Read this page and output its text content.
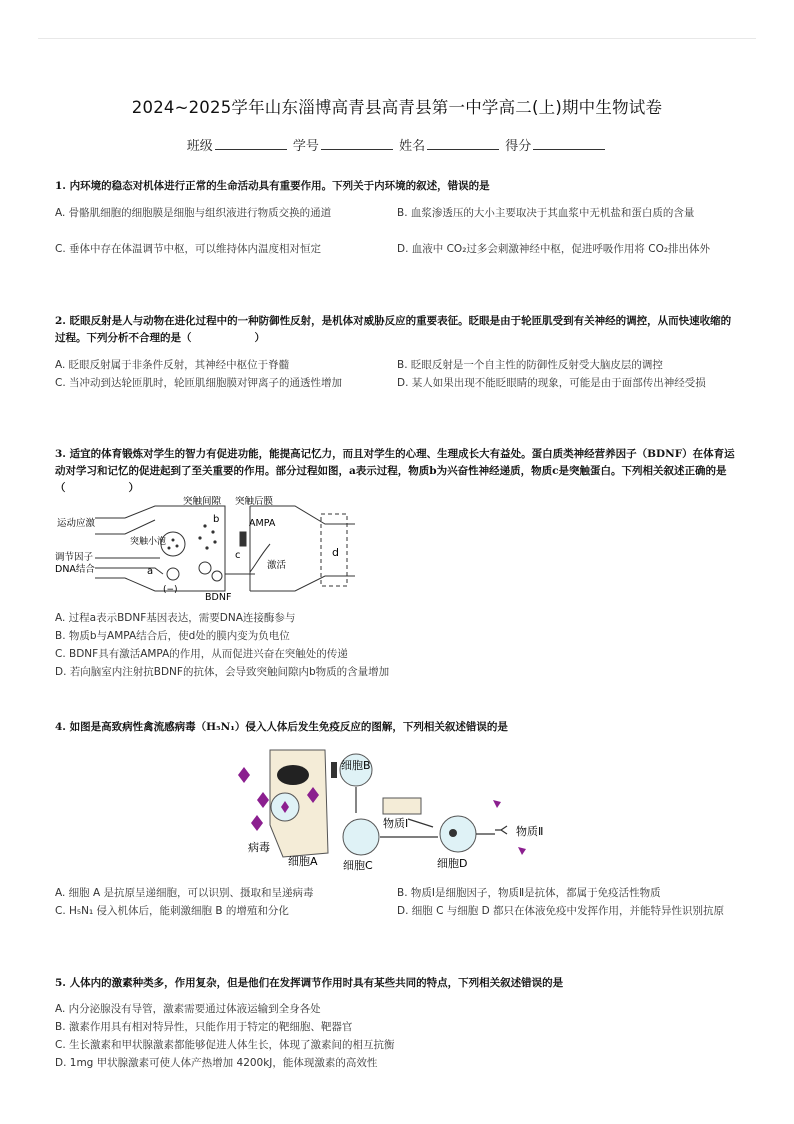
2024~2025学年山东淄博高青县高青县第一中学高二(上)期中生物试卷
班级	学号	姓名	得分
1. 内环境的稳态对机体进行正常的生命活动具有重要作用。下列关于内环境的叙述，错误的是
A. 骨骼肌细胞的细胞膜是细胞与组织液进行物质交换的通道	B. 血浆渗透压的大小主要取决于其血浆中无机盐和蛋白质的含量
C. 垂体中存在体温调节中枢，可以维持体内温度相对恒定	D. 血液中 CO₂过多会刺激神经中枢，促进呼吸作用将 CO₂排出体外
2. 眨眼反射是人与动物在进化过程中的一种防御性反射，是机体对威胁反应的重要表征。眨眼是由于轮匝肌受到有关神经的调控，从而快速收缩的过程。下列分析不合理的是（　　　　　　）
A. 眨眼反射属于非条件反射，其神经中枢位于脊髓	B. 眨眼反射是一个自主性的防御性反射受大脑皮层的调控
C. 当冲动到达轮匝肌时，轮匝肌细胞膜对钾离子的通透性增加	D. 某人如果出现不能眨眼睛的现象，可能是由于面部传出神经受损
3. 适宜的体育锻炼对学生的智力有促进功能，能提高记忆力，而且对学生的心理、生理成长大有益处。蛋白质类神经营养因子（BDNF）在体育运动对学习和记忆的促进起到了至关重要的作用。部分过程如图，a表示过程，物质b为兴奋性神经递质，物质c是突触蛋白。下列相关叙述正确的是（　　　　　　）
运动应激
调节因子
DNA结合
突触间隙 突触后膜
AMPA
激活
突触小泡
(−)
BDNF
a
b
c	d
A. 过程a表示BDNF基因表达，需要DNA连接酶参与
B. 物质b与AMPA结合后，使d处的膜内变为负电位
C. BDNF具有激活AMPA的作用，从而促进兴奋在突触处的传递
D. 若向脑室内注射抗BDNF的抗体，会导致突触间隙内b物质的含量增加
4. 如图是高致病性禽流感病毒（H₅N₁）侵入人体后发生免疫反应的图解，下列相关叙述错误的是
病毒
细胞A
细胞B
细胞C	细胞D
物质Ⅰ
物质Ⅱ
A. 细胞 A 是抗原呈递细胞，可以识别、摄取和呈递病毒	B. 物质Ⅰ是细胞因子，物质Ⅱ是抗体，都属于免疫活性物质
C. H₅N₁ 侵入机体后，能刺激细胞 B 的增殖和分化	D. 细胞 C 与细胞 D 都只在体液免疫中发挥作用，并能特异性识别抗原
5. 人体内的激素种类多，作用复杂，但是他们在发挥调节作用时具有某些共同的特点，下列相关叙述错误的是
A. 内分泌腺没有导管，激素需要通过体液运输到全身各处
B. 激素作用具有相对特异性，只能作用于特定的靶细胞、靶器官
C. 生长激素和甲状腺激素都能够促进人体生长，体现了激素间的相互抗衡
D. 1mg 甲状腺激素可使人体产热增加 4200kJ，能体现激素的高效性
